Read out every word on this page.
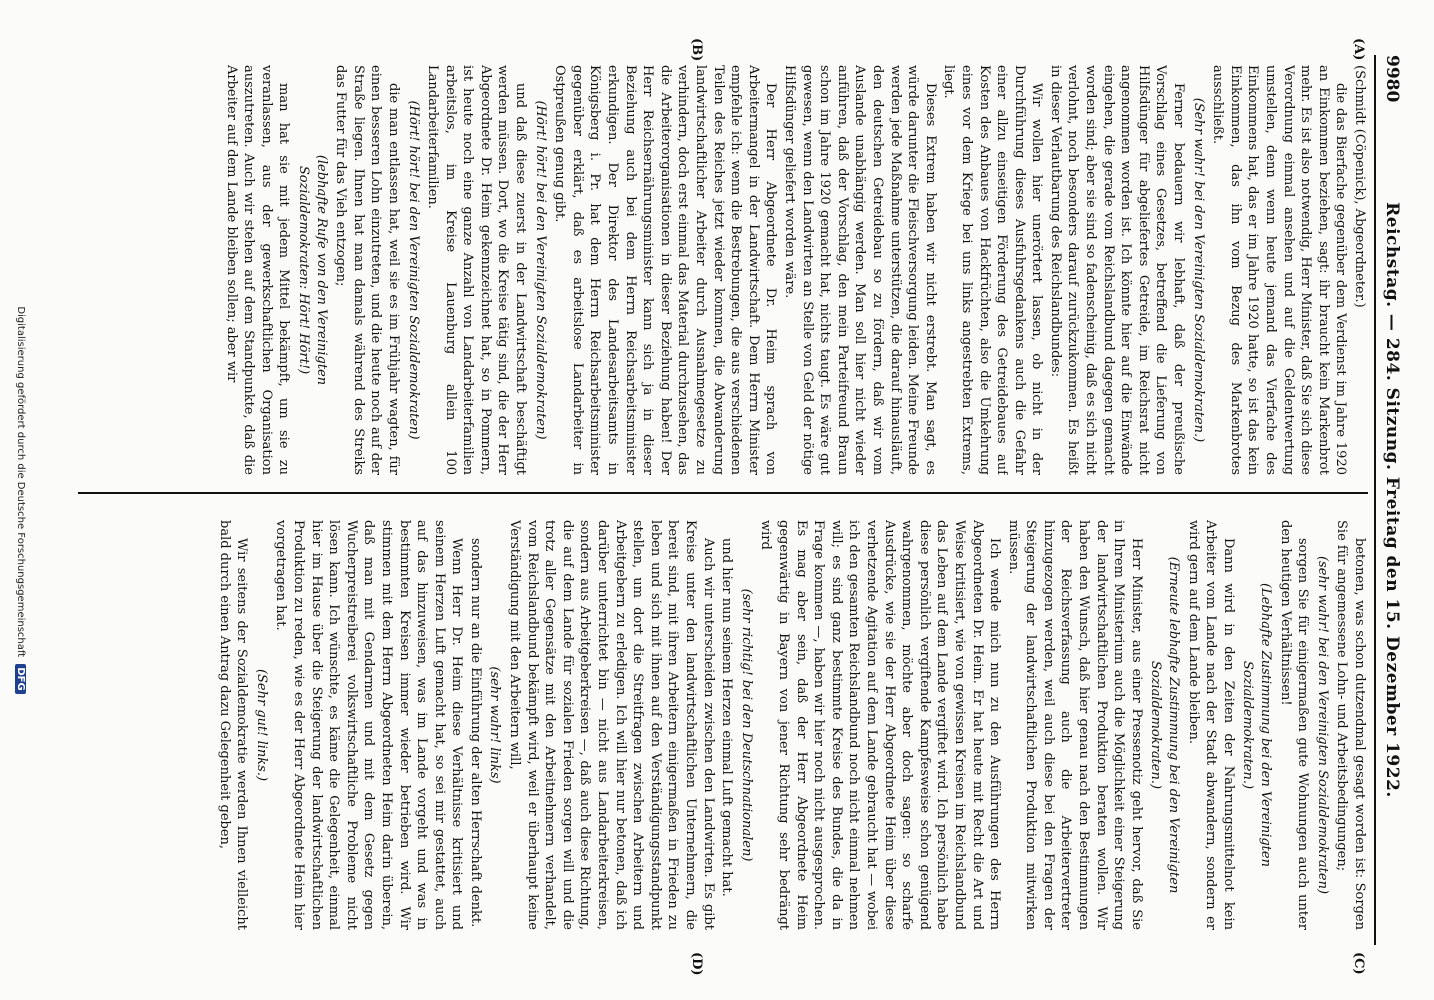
9980
Reichstag. — 284. Sitzung. Freitag den 15. Dezember 1922.
(A)
(B)
(C)
(D)

(Schmidt (Cöpenick), Abgeordneter.)

die das Bierfache gegenüber dem Verdienst im Jahre 1920 an Einkommen beziehen, sagt: ihr braucht kein Markenbrot mehr. Es ist also notwendig, Herr Minister, daß Sie sich diese Verordnung einmal ansehen und auf die Geldentwertung umstellen, denn wenn heute jemand das Vierfache des Einkommens hat, das er im Jahre 1920 hatte, so ist das kein Einkommen, das ihn vom Bezug des Markenbrotes ausschließt.

(Sehr wahr! bei den Vereinigten Sozialdemokraten.)

Ferner bedauern wir lebhaft, daß der preußische Vorschlag eines Gesetzes, betreffend die Lieferung von Hilfsdünger für abgeliefertes Getreide, im Reichsrat nicht angenommen worden ist. Ich könnte hier auf die Einwände eingehen, die gerade vom Reichslandbund dagegen gemacht worden sind; aber sie sind so fadenscheinig, daß es sich nicht verlohnt, noch besonders darauf zurückzukommen. Es heißt in dieser Verlautbarung des Reichslandbundes:

Wir wollen hier unerörtert lassen, ob nicht in der Durchführung dieses Ausfuhrsgedankens auch die Gefahr einer allzu einseitigen Förderung des Getreidebaues auf Kosten des Anbaues von Hackfrüchten, also die Umkehrung eines vor dem Kriege bei uns links angestrebten Extrems, liegt.

Dieses Extrem haben wir nicht erstrebt. Man sagt, es würde darunter die Fleischversorgung leiden. Meine Freunde werden jede Maßnahme unterstützen, die darauf hinausläuft, den deutschen Getreidebau so zu fördern, daß wir vom Auslande unabhängig werden. Man soll hier nicht wieder anführen, daß der Vorschlag, den mein Parteifreund Braun schon im Jahre 1920 gemacht hat, nichts taugt. Es wäre gut gewesen, wenn den Landwirten an Stelle von Geld der nötige Hilfsdünger geliefert worden wäre.

Der Herr Abgeordnete Dr. Heim sprach von Arbeitermangel in der Landwirtschaft. Dem Herrn Minister empfehle ich: wenn die Bestrebungen, die aus verschiedenen Teilen des Reiches jetzt wieder kommen, die Abwanderung landwirtschaftlicher Arbeiter durch Ausnahmegesetze zu verhindern, doch erst einmal das Material durchzusehen, das die Arbeiterorganisationen in dieser Beziehung haben! Der Herr Reichsernährungsminister kann sich ja in dieser Beziehung auch bei dem Herrn Reichsarbeitsminister erkundigen. Der Direktor des Landesarbeitsamts in Königsberg i. Pr. hat dem Herrn Reichsarbeitsminister gegenüber erklärt, daß es arbeitslose Landarbeiter in Ostpreußen genug gibt.

(Hört! hört! bei den Vereinigten Sozialdemokraten)

und daß diese zuerst in der Landwirtschaft beschäftigt werden müssen. Dort, wo die Kreise tätig sind, die der Herr Abgeordnete Dr. Heim gekennzeichnet hat, so in Pommern, ist heute noch eine ganze Anzahl von Landarbeiterfamilien arbeitslos, im Kreise Lauenburg allein 100 Landarbeiterfamilien.

(Hört! hört! bei den Vereinigten Sozialdemokraten)

die man entlassen hat, weil sie es im Frühjahr wagten, für einen besseren Lohn einzutreten, und die heute noch auf der Straße liegen. Ihnen hat man damals während des Streiks das Futter für das Vieh entzogen;

(lebhafte Rufe von den Vereinigten Sozialdemokraten: Hört! Hört!)

man hat sie mit jedem Mittel bekämpft, um sie zu veranlassen, aus der gewerkschaftlichen Organisation auszutreten. Auch wir stehen auf dem Standpunkte, daß die Arbeiter auf dem Lande bleiben sollen; aber wir

betonen, was schon dutzendmal gesagt worden ist: Sorgen Sie für angemessene Lohn- und Arbeitsbedingungen;

(sehr wahr! bei den Vereinigten Sozialdemokraten)

sorgen Sie für einigermaßen gute Wohnungen auch unter den heutigen Verhältnissen!

(Lebhafte Zustimmung bei den Vereinigten Sozialdemokraten.)

Dann wird in den Zeiten der Nahrungsmittelnot kein Arbeiter vom Lande nach der Stadt abwandern, sondern er wird gern auf dem Lande bleiben.

(Erneute lebhafte Zustimmung bei den Vereinigten Sozialdemokraten.)

Herr Minister, aus einer Pressenotiz geht hervor, daß Sie in Ihrem Ministerium auch die Möglichkeit einer Steigerung der landwirtschaftlichen Produktion beraten wollen. Wir haben den Wunsch, daß hier genau nach den Bestimmungen der Reichsverfassung auch die Arbeitervertreter hinzugezogen werden, weil auch diese bei den Fragen der Steigerung der landwirtschaftlichen Produktion mitwirken müssen.

Ich wende mich nun zu den Ausführungen des Herrn Abgeordneten Dr. Heim. Er hat heute mit Recht die Art und Weise kritisiert, wie von gewissen Kreisen im Reichslandbund das Leben auf dem Lande vergiftet wird. Ich persönlich habe diese persönlich vergiftende Kampfesweise schon genügend wahrgenommen, möchte aber doch sagen: so scharfe Ausdrücke, wie sie der Herr Abgeordnete Heim über diese verhetzende Agitation auf dem Lande gebraucht hat — wobei ich den gesamten Reichslandbund noch nicht einmal nehmen will; es sind ganz bestimmte Kreise des Bundes, die da in Frage kommen —, haben wir hier noch nicht ausgesprochen. Es mag aber sein, daß der Herr Abgeordnete Heim gegenwärtig in Bayern von jener Richtung sehr bedrängt wird

(sehr richtig! bei den Deutschnationalen)

und hier nun seinem Herzen einmal Luft gemacht hat.

Auch wir unterscheiden zwischen den Landwirten. Es gibt Kreise unter den landwirtschaftlichen Unternehmern, die bereit sind, mit ihren Arbeitern einigermaßen in Frieden zu leben und sich mit ihnen auf den Verständigungsstandpunkt stellen, um dort die Streitfragen zwischen Arbeitern und Arbeitgebern zu erledigen. Ich will hier nur betonen, daß ich darüber unterrichtet bin — nicht aus Landarbeiterkreisen, sondern aus Arbeitgeberkreisen —, daß auch diese Richtung, die auf dem Lande für sozialen Frieden sorgen will und die trotz aller Gegensätze mit den Arbeitnehmern verhandelt, vom Reichslandbund bekämpft wird, weil er überhaupt keine Verständigung mit den Arbeitern will,

(sehr wahr! links)

sondern nur an die Einführung der alten Herrschaft denkt.

Wenn Herr Dr. Heim diese Verhältnisse kritisiert und seinem Herzen Luft gemacht hat, so sei mir gestattet, auch auf das hinzuweisen, was im Lande vorgeht und was in bestimmten Kreisen immer wieder betrieben wird. Wir stimmen mit dem Herrn Abgeordneten Heim darin überein, daß man mit Gendarmen und mit dem Gesetz gegen Wucherpreistreiberei volkswirtschaftliche Probleme nicht lösen kann. Ich wünschte, es käme die Gelegenheit, einmal hier im Hause über die Steigerung der landwirtschaftlichen Produktion zu reden, wie es der Herr Abgeordnete Heim hier vorgetragen hat.

(Sehr gut! links.)

Wir seitens der Sozialdemokratie werden Ihnen vielleicht bald durch einen Antrag dazu Gelegenheit geben,

Digitalisierung gefördert durch die Deutsche Forschungsgemeinschaft DFG
